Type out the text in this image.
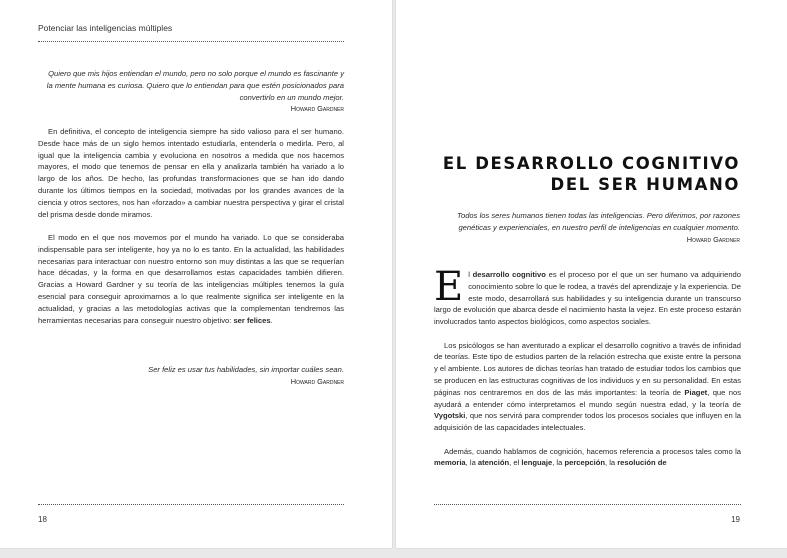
Potenciar las inteligencias múltiples

Quiero que mis hijos entiendan el mundo, pero no solo porque el mundo es fascinante y la mente humana es curiosa. Quiero que lo entiendan para que estén posicionados para convertirlo en un mundo mejor.

Howard Gardner

En definitiva, el concepto de inteligencia siempre ha sido valioso para el ser humano. Desde hace más de un siglo hemos intentado estudiarla, entenderla o medirla. Pero, al igual que la inteligencia cambia y evoluciona en nosotros a medida que nos hacemos mayores, el modo que tenemos de pensar en ella y analizarla también ha variado a lo largo de los años. De hecho, las profundas transformaciones que se han ido dando durante los últimos tiempos en la sociedad, motivadas por los grandes avances de la ciencia y otros sectores, nos han «forzado» a cambiar nuestra perspectiva y girar el cristal del prisma desde donde miramos.

El modo en el que nos movemos por el mundo ha variado. Lo que se consideraba indispensable para ser inteligente, hoy ya no lo es tanto. En la actualidad, las habilidades necesarias para interactuar con nuestro entorno son muy distintas a las que se requerían hace décadas, y la forma en que desarrollamos estas capacidades también difieren. Gracias a Howard Gardner y su teoría de las inteligencias múltiples tenemos la guía esencial para conseguir aproximarnos a lo que realmente significa ser inteligente en la actualidad, y gracias a las metodologías activas que la complementan tendremos las herramientas necesarias para conseguir nuestro objetivo: ser felices.

Ser feliz es usar tus habilidades, sin importar cuáles sean.

Howard Gardner

18
EL DESARROLLO COGNITIVO
DEL SER HUMANO

Todos los seres humanos tienen todas las inteligencias. Pero diferimos, por razones genéticas y experienciales, en nuestro perfil de inteligencias en cualquier momento.

Howard Gardner

El desarrollo cognitivo es el proceso por el que un ser humano va adquiriendo conocimiento sobre lo que le rodea, a través del aprendizaje y la experiencia. De este modo, desarrollará sus habilidades y su inteligencia durante un transcurso largo de evolución que abarca desde el nacimiento hasta la vejez. En este proceso estarán involucrados tanto aspectos biológicos, como aspectos sociales.

Los psicólogos se han aventurado a explicar el desarrollo cognitivo a través de infinidad de teorías. Este tipo de estudios parten de la relación estrecha que existe entre la persona y el ambiente. Los autores de dichas teorías han tratado de estudiar todos los cambios que se producen en las estructuras cognitivas de los individuos y en su personalidad. En estas páginas nos centraremos en dos de las más importantes: la teoría de Piaget, que nos ayudará a entender cómo interpretamos el mundo según nuestra edad, y la teoría de Vygotski, que nos servirá para comprender todos los procesos sociales que influyen en la adquisición de las capacidades intelectuales.

Además, cuando hablamos de cognición, hacemos referencia a procesos tales como la memoria, la atención, el lenguaje, la percepción, la resolución de

19
